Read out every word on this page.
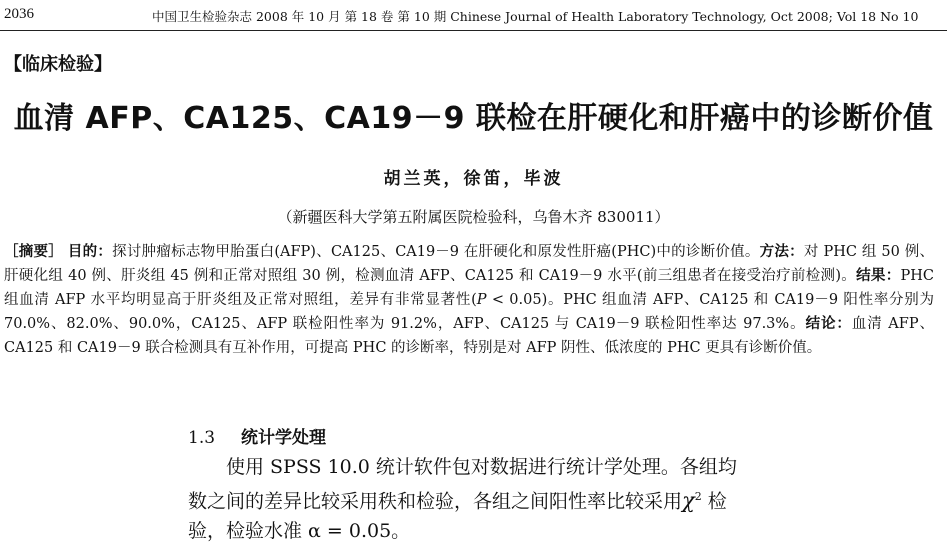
2036	中国卫生检验杂志 2008 年 10 月 第 18 卷 第 10 期 Chinese Journal of Health Laboratory Technology, Oct 2008; Vol 18 No 10
【临床检验】
血清 AFP、CA125、CA19－9 联检在肝硬化和肝癌中的诊断价值
胡兰英，徐笛，毕波
（新疆医科大学第五附属医院检验科，乌鲁木齐 830011）
［摘要］ 目的：探讨肿瘤标志物甲胎蛋白(AFP)、CA125、CA19－9 在肝硬化和原发性肝癌(PHC)中的诊断价值。方法：对 PHC 组 50 例、肝硬化组 40 例、肝炎组 45 例和正常对照组 30 例，检测血清 AFP、CA125 和 CA19－9 水平(前三组患者在接受治疗前检测)。结果：PHC 组血清 AFP 水平均明显高于肝炎组及正常对照组，差异有非常显著性(P < 0.05)。PHC 组血清 AFP、CA125 和 CA19－9 阳性率分别为 70.0%、82.0%、90.0%，CA125、AFP 联检阳性率为 91.2%，AFP、CA125 与 CA19－9 联检阳性率达 97.3%。结论：血清 AFP、CA125 和 CA19－9 联合检测具有互补作用，可提高 PHC 的诊断率，特别是对 AFP 阴性、低浓度的 PHC 更具有诊断价值。
1.3 统计学处理
使用 SPSS 10.0 统计软件包对数据进行统计学处理。各组均数之间的差异比较采用秩和检验，各组之间阳性率比较采用$\chi^2$ 检验，检验水准 α = 0.05。
